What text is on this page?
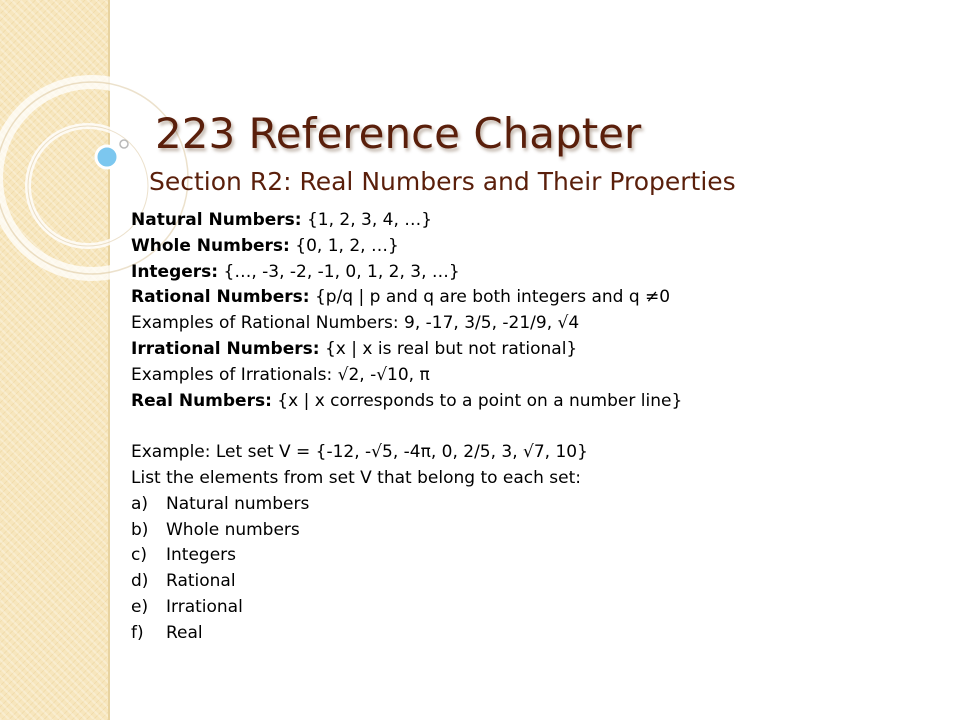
223 Reference Chapter
Section R2: Real Numbers and Their Properties
Natural Numbers: {1, 2, 3, 4, …}
Whole Numbers: {0, 1, 2, …}
Integers: {…, -3, -2, -1, 0, 1, 2, 3, …}
Rational Numbers: {p/q | p and q are both integers and q ≠0
Examples of Rational Numbers: 9, -17, 3/5, -21/9, √4
Irrational Numbers: {x | x is real but not rational}
Examples of Irrationals: √2, -√10, π
Real Numbers: {x | x corresponds to a point on a number line}
Example: Let set V = {-12, -√5, -4π, 0, 2/5, 3, √7, 10}
List the elements from set V that belong to each set:
a)	Natural numbers
b)	Whole numbers
c)	Integers
d)	Rational
e)	Irrational
f)	Real
